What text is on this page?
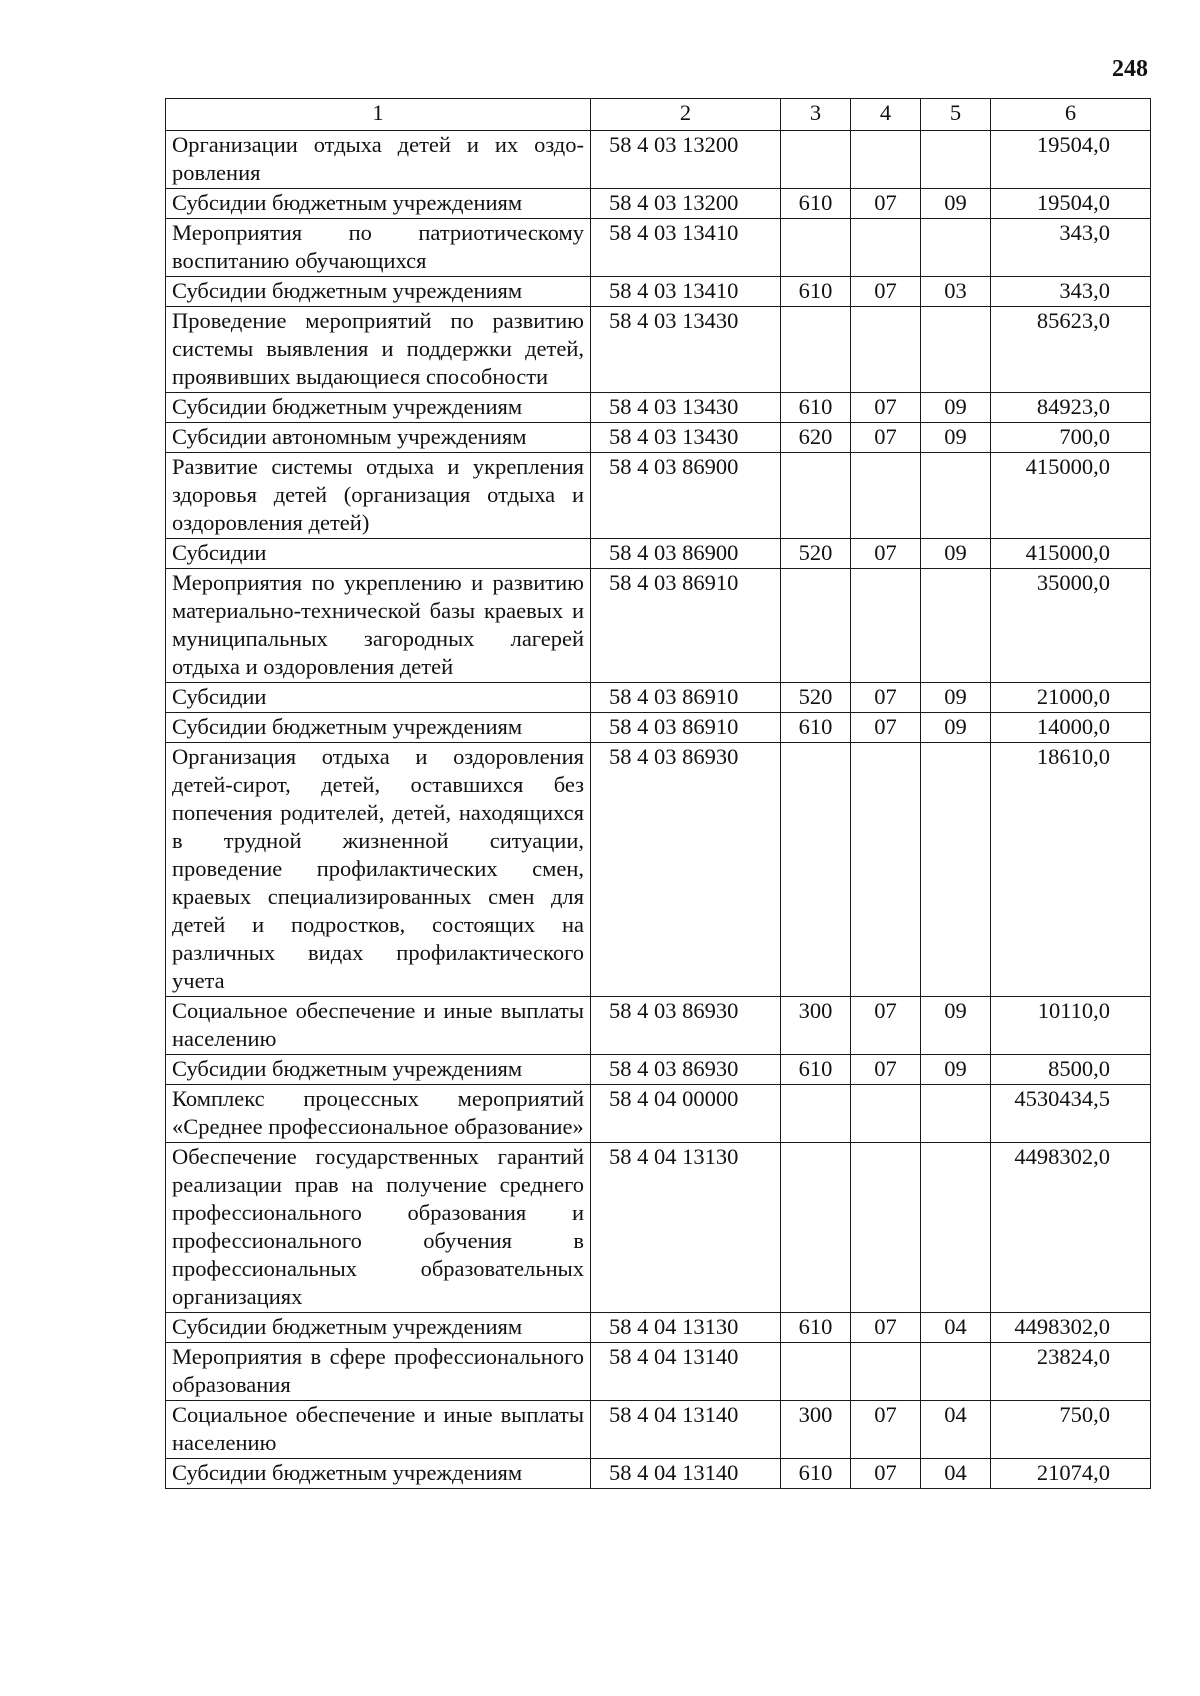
248
1	2	3	4	5	6
Организации отдыха детей и их оздоровления	58 4 03 13200				19504,0
Субсидии бюджетным учреждениям	58 4 03 13200	610	07	09	19504,0
Мероприятия по патриотическому воспитанию обучающихся	58 4 03 13410				343,0
Субсидии бюджетным учреждениям	58 4 03 13410	610	07	03	343,0
Проведение мероприятий по развитию системы выявления и поддержки детей, проявивших выдающиеся способности	58 4 03 13430				85623,0
Субсидии бюджетным учреждениям	58 4 03 13430	610	07	09	84923,0
Субсидии автономным учреждениям	58 4 03 13430	620	07	09	700,0
Развитие системы отдыха и укрепления здоровья детей (организация отдыха и оздоровления детей)	58 4 03 86900				415000,0
Субсидии	58 4 03 86900	520	07	09	415000,0
Мероприятия по укреплению и развитию материально-технической базы краевых и муниципальных загородных лагерей отдыха и оздоровления детей	58 4 03 86910				35000,0
Субсидии	58 4 03 86910	520	07	09	21000,0
Субсидии бюджетным учреждениям	58 4 03 86910	610	07	09	14000,0
Организация отдыха и оздоровления детей-сирот, детей, оставшихся без попечения родителей, детей, находящихся в трудной жизненной ситуации, проведение профилактических смен, краевых специализированных смен для детей и подростков, состоящих на различных видах профилактического учета	58 4 03 86930				18610,0
Социальное обеспечение и иные выплаты населению	58 4 03 86930	300	07	09	10110,0
Субсидии бюджетным учреждениям	58 4 03 86930	610	07	09	8500,0
Комплекс процессных мероприятий «Среднее профессиональное образование»	58 4 04 00000				4530434,5
Обеспечение государственных гарантий реализации прав на получение среднего профессионального образования и профессионального обучения в профессиональных образовательных организациях	58 4 04 13130				4498302,0
Субсидии бюджетным учреждениям	58 4 04 13130	610	07	04	4498302,0
Мероприятия в сфере профессионального образования	58 4 04 13140				23824,0
Социальное обеспечение и иные выплаты населению	58 4 04 13140	300	07	04	750,0
Субсидии бюджетным учреждениям	58 4 04 13140	610	07	04	21074,0
